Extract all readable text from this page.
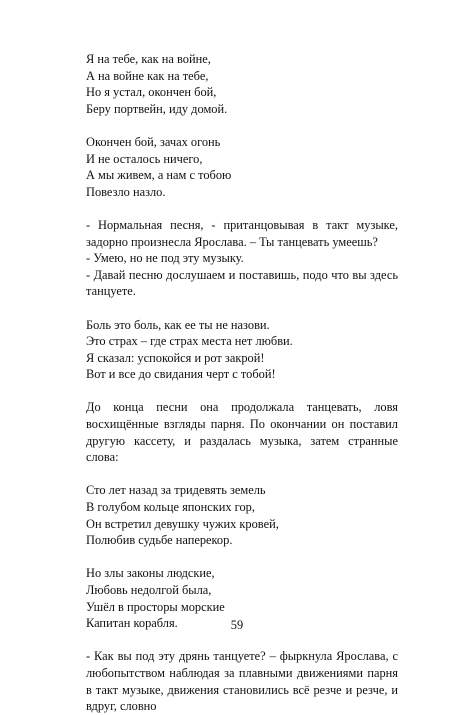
Я на тебе, как на войне,
А на войне как на тебе,
Но я устал, окончен бой,
Беру портвейн, иду домой.
Окончен бой, зачах огонь
И не осталось ничего,
А мы живем, а нам с тобою
Повезло назло.

- Нормальная песня, - пританцовывая в такт музыке, задорно произнесла Ярослава. – Ты танцевать умеешь?

- Умею, но не под эту музыку.

- Давай песню дослушаем и поставишь, подо что вы здесь танцуете.

Боль это боль, как ее ты не назови.
Это страх – где страх места нет любви.
Я сказал: успокойся и рот закрой!
Вот и все до свидания черт с тобой!

До конца песни она продолжала танцевать, ловя восхищённые взгляды парня. По окончании он поставил другую кассету, и раздалась музыка, затем странные слова:

Сто лет назад за тридевять земель
В голубом кольце японских гор,
Он встретил девушку чужих кровей,
Полюбив судьбе наперекор.
Но злы законы людские,
Любовь недолгой была,
Ушёл в просторы морские
Капитан корабля.

- Как вы под эту дрянь танцуете? – фыркнула Ярослава, с любопытством наблюдая за плавными движениями парня в такт музыке, движения становились всё резче и резче, и вдруг, словно

59
